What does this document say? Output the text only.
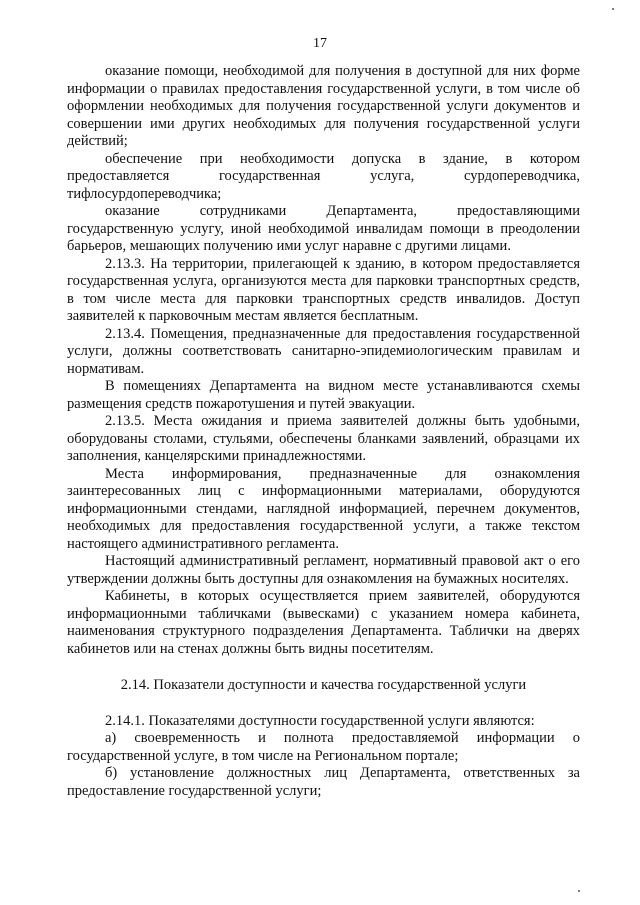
17

оказание помощи, необходимой для получения в доступной для них форме информации о правилах предоставления государственной услуги, в том числе об оформлении необходимых для получения государственной услуги документов и совершении ими других необходимых для получения государственной услуги действий;

обеспечение при необходимости допуска в здание, в котором предоставляется государственная услуга, сурдопереводчика, тифлосурдопереводчика;

оказание сотрудниками Департамента, предоставляющими государственную услугу, иной необходимой инвалидам помощи в преодолении барьеров, мешающих получению ими услуг наравне с другими лицами.

2.13.3. На территории, прилегающей к зданию, в котором предоставляется государственная услуга, организуются места для парковки транспортных средств, в том числе места для парковки транспортных средств инвалидов. Доступ заявителей к парковочным местам является бесплатным.

2.13.4. Помещения, предназначенные для предоставления государственной услуги, должны соответствовать санитарно-эпидемиологическим правилам и нормативам.

В помещениях Департамента на видном месте устанавливаются схемы размещения средств пожаротушения и путей эвакуации.

2.13.5. Места ожидания и приема заявителей должны быть удобными, оборудованы столами, стульями, обеспечены бланками заявлений, образцами их заполнения, канцелярскими принадлежностями.

Места информирования, предназначенные для ознакомления заинтересованных лиц с информационными материалами, оборудуются информационными стендами, наглядной информацией, перечнем документов, необходимых для предоставления государственной услуги, а также текстом настоящего административного регламента.

Настоящий административный регламент, нормативный правовой акт о его утверждении должны быть доступны для ознакомления на бумажных носителях.

Кабинеты, в которых осуществляется прием заявителей, оборудуются информационными табличками (вывесками) с указанием номера кабинета, наименования структурного подразделения Департамента. Таблички на дверях кабинетов или на стенах должны быть видны посетителям.

2.14. Показатели доступности и качества государственной услуги

2.14.1. Показателями доступности государственной услуги являются:

а) своевременность и полнота предоставляемой информации о государственной услуге, в том числе на Региональном портале;

б) установление должностных лиц Департамента, ответственных за предоставление государственной услуги;
